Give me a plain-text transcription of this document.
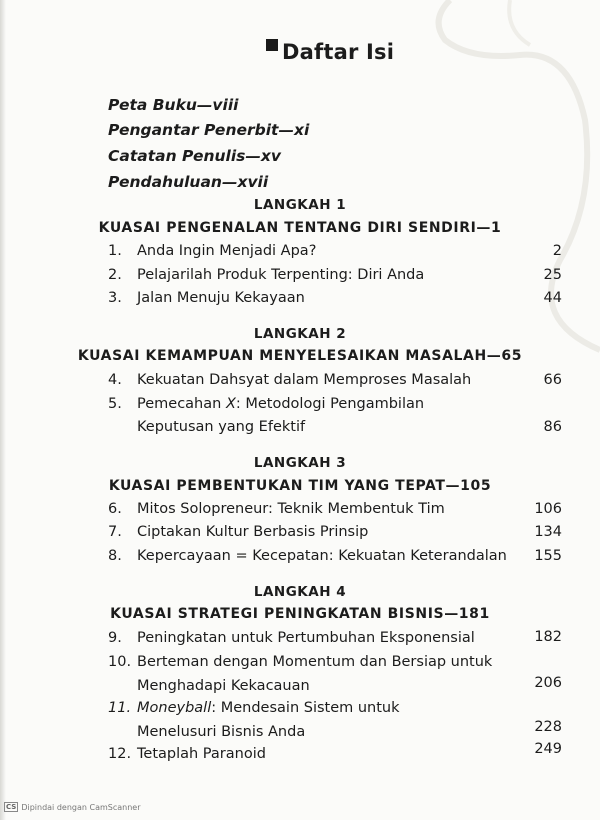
Daftar Isi
Peta Buku—viii
Pengantar Penerbit—xi
Catatan Penulis—xv
Pendahuluan—xvii
LANGKAH 1
KUASAI PENGENALAN TENTANG DIRI SENDIRI—1
1. Anda Ingin Menjadi Apa?	2
2. Pelajarilah Produk Terpenting: Diri Anda	25
3. Jalan Menuju Kekayaan	44
LANGKAH 2
KUASAI KEMAMPUAN MENYELESAIKAN MASALAH—65
4. Kekuatan Dahsyat dalam Memproses Masalah	66
5. Pemecahan X: Metodologi Pengambilan
Keputusan yang Efektif	86
LANGKAH 3
KUASAI PEMBENTUKAN TIM YANG TEPAT—105
6. Mitos Solopreneur: Teknik Membentuk Tim	106
7. Ciptakan Kultur Berbasis Prinsip	134
8. Kepercayaan = Kecepatan: Kekuatan Keterandalan 155
LANGKAH 4
KUASAI STRATEGI PENINGKATAN BISNIS—181
9. Peningkatan untuk Pertumbuhan Eksponensial	182
10. Berteman dengan Momentum dan Bersiap untuk
Menghadapi Kekacauan	206
11. Moneyball: Mendesain Sistem untuk
Menelusuri Bisnis Anda	228
12. Tetaplah Paranoid	249
CS Dipindai dengan CamScanner
